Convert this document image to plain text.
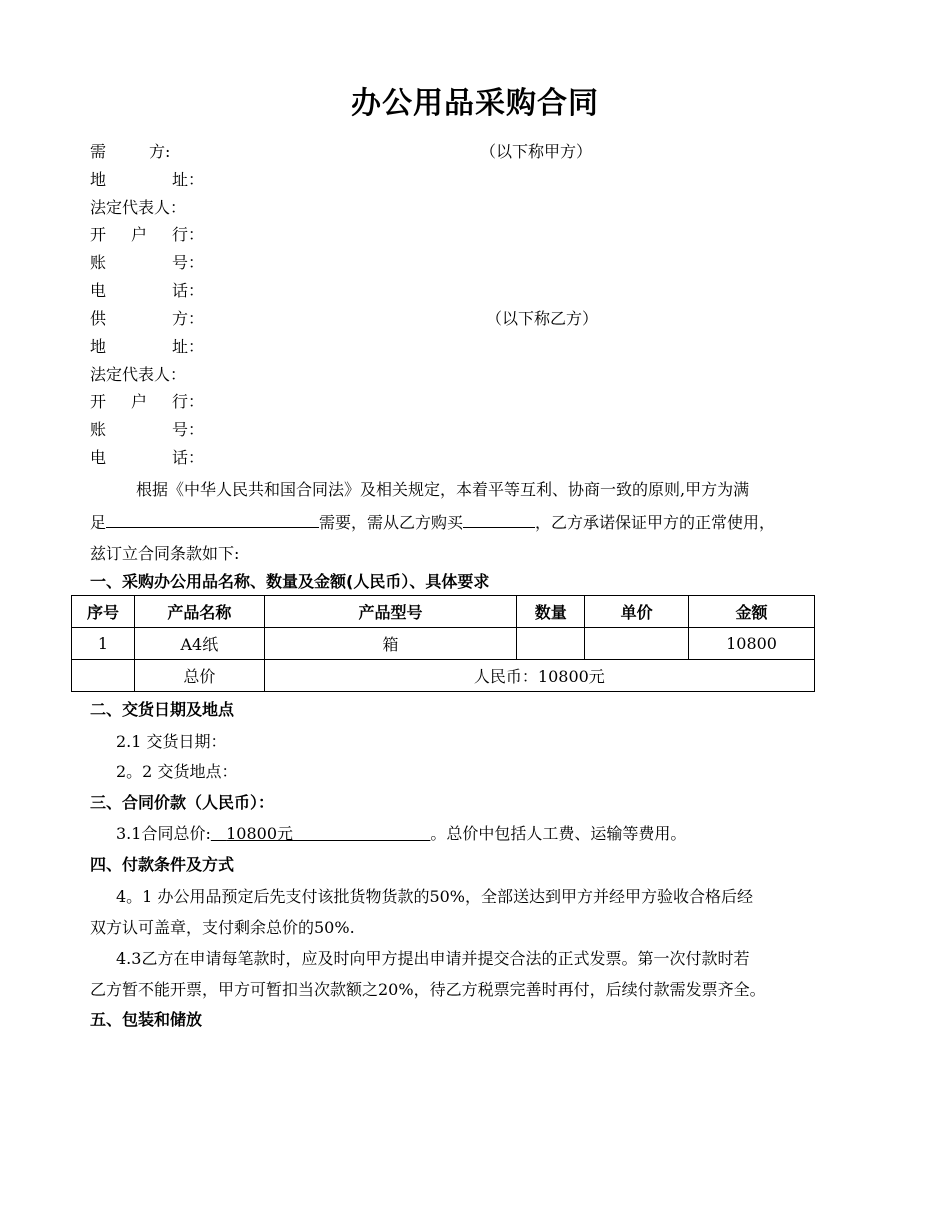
办公用品采购合同
需方:	（以下称甲方）
地址：
法定代表人：
开户行：
账号：
电话：
供方：	（以下称乙方）
地址：
法定代表人：
开户行：
账号：
电话：
根据《中华人民共和国合同法》及相关规定，本着平等互利、协商一致的原则,甲方为满
足	需要，需从乙方购买	，乙方承诺保证甲方的正常使用，
兹订立合同条款如下:
一、采购办公用品名称、数量及金额(人民币）、具体要求
序号	产品名称	产品型号	数量	单价	金额
1	A4纸	箱			10800
	总价	人民币：10800元			
二、交货日期及地点
2.1 交货日期：
2。2 交货地点：
三、合同价款（人民币）：
3.1合同总价: 10800元	。总价中包括人工费、运输等费用。
四、付款条件及方式
4。1 办公用品预定后先支付该批货物货款的50%，全部送达到甲方并经甲方验收合格后经
双方认可盖章，支付剩余总价的50%.
4.3乙方在申请每笔款时，应及时向甲方提出申请并提交合法的正式发票。第一次付款时若
乙方暂不能开票，甲方可暂扣当次款额之20%，待乙方税票完善时再付，后续付款需发票齐全。
五、包装和储放
